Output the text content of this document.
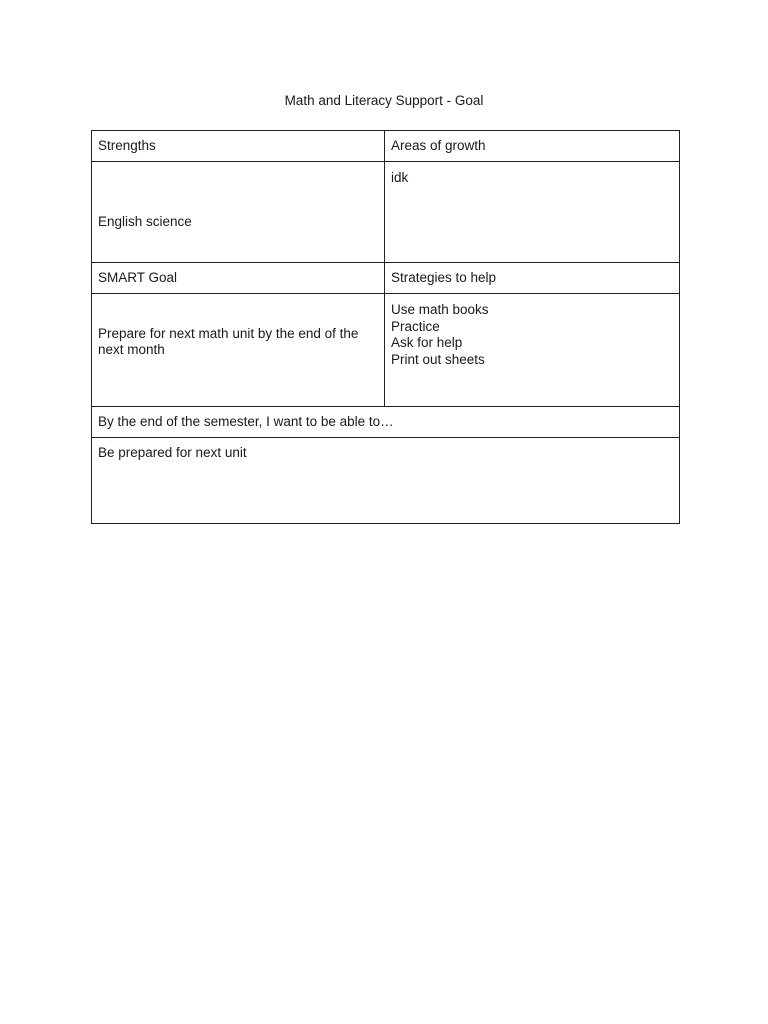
Math and Literacy Support - Goal
Strengths	Areas of growth
English science	idk
SMART Goal	Strategies to help
Prepare for next math unit by the end of the next month	Use math books
Practice
Ask for help
Print out sheets

By the end of the semester, I want to be able to…	
Be prepared for next unit	
